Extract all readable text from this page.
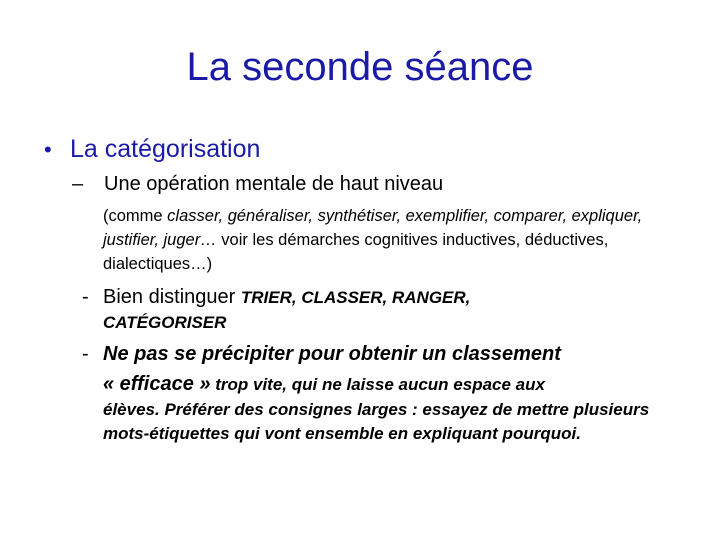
La seconde séance
• La catégorisation
– Une opération mentale de haut niveau
(comme classer, généraliser, synthétiser, exemplifier, comparer, expliquer, justifier, juger… voir les démarches cognitives inductives, déductives, dialectiques…)
- Bien distinguer TRIER, CLASSER, RANGER,
CATÉGORISER
- Ne pas se précipiter pour obtenir un classement
« efficace » trop vite, qui ne laisse aucun espace aux
élèves. Préférer des consignes larges : essayez de mettre plusieurs mots-étiquettes qui vont ensemble en expliquant pourquoi.
